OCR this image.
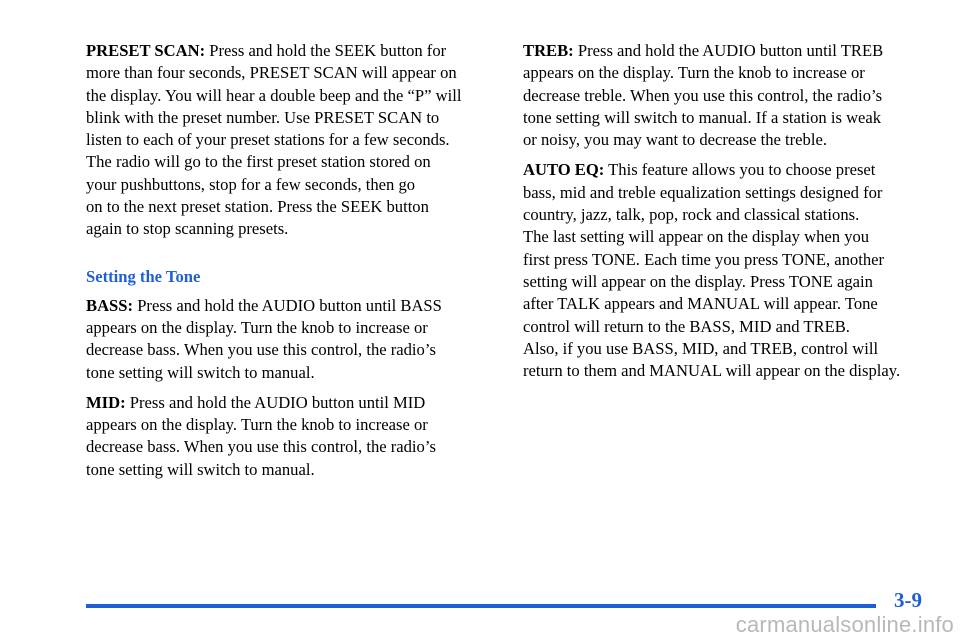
PRESET SCAN: Press and hold the SEEK button for
more than four seconds, PRESET SCAN will appear on
the display. You will hear a double beep and the “P” will
blink with the preset number. Use PRESET SCAN to
listen to each of your preset stations for a few seconds.
The radio will go to the first preset station stored on
your pushbuttons, stop for a few seconds, then go
on to the next preset station. Press the SEEK button
again to stop scanning presets.

Setting the Tone

BASS: Press and hold the AUDIO button until BASS
appears on the display. Turn the knob to increase or
decrease bass. When you use this control, the radio’s
tone setting will switch to manual.

MID: Press and hold the AUDIO button until MID
appears on the display. Turn the knob to increase or
decrease bass. When you use this control, the radio’s
tone setting will switch to manual.

TREB: Press and hold the AUDIO button until TREB
appears on the display. Turn the knob to increase or
decrease treble. When you use this control, the radio’s
tone setting will switch to manual. If a station is weak
or noisy, you may want to decrease the treble.

AUTO EQ: This feature allows you to choose preset
bass, mid and treble equalization settings designed for
country, jazz, talk, pop, rock and classical stations.
The last setting will appear on the display when you
first press TONE. Each time you press TONE, another
setting will appear on the display. Press TONE again
after TALK appears and MANUAL will appear. Tone
control will return to the BASS, MID and TREB.
Also, if you use BASS, MID, and TREB, control will
return to them and MANUAL will appear on the display.

3-9
carmanualsonline.info
